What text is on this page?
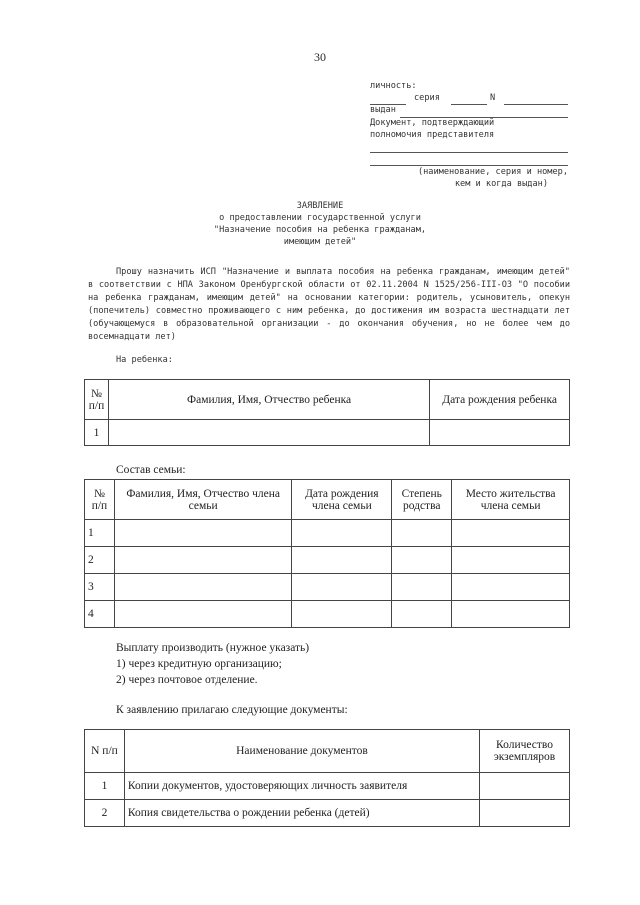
30
личность:
серия	N
выдан
Документ, подтверждающий
полномочия представителя
(наименование, серия и номер,
кем и когда выдан)
ЗАЯВЛЕНИЕ
о предоставлении государственной услуги
"Назначение пособия на ребенка гражданам,
имеющим детей"
Прошу назначить ИСП "Назначение и выплата пособия на ребенка гражданам, имеющим детей" в соответствии с НПА Законом Оренбургской области от 02.11.2004 N 1525/256-III-ОЗ "О пособии на ребенка гражданам, имеющим детей" на основании категории: родитель, усыновитель, опекун (попечитель) совместно проживающего с ним ребенка, до достижения им возраста шестнадцати лет (обучающемуся в образовательной организации - до окончания обучения, но не более чем до восемнадцати лет)
На ребенка:
№ п/п	Фамилия, Имя, Отчество ребенка	Дата рождения ребенка
1		
Состав семьи:
№ п/п	Фамилия, Имя, Отчество члена семьи	Дата рождения члена семьи	Степень родства	Место жительства члена семьи
1				
2				
3				
4				
Выплату производить (нужное указать)
1) через кредитную организацию;
2) через почтовое отделение.
К заявлению прилагаю следующие документы:
N п/п	Наименование документов	Количество экземпляров
1	Копии документов, удостоверяющих личность заявителя	
2	Копия свидетельства о рождении ребенка (детей)	
